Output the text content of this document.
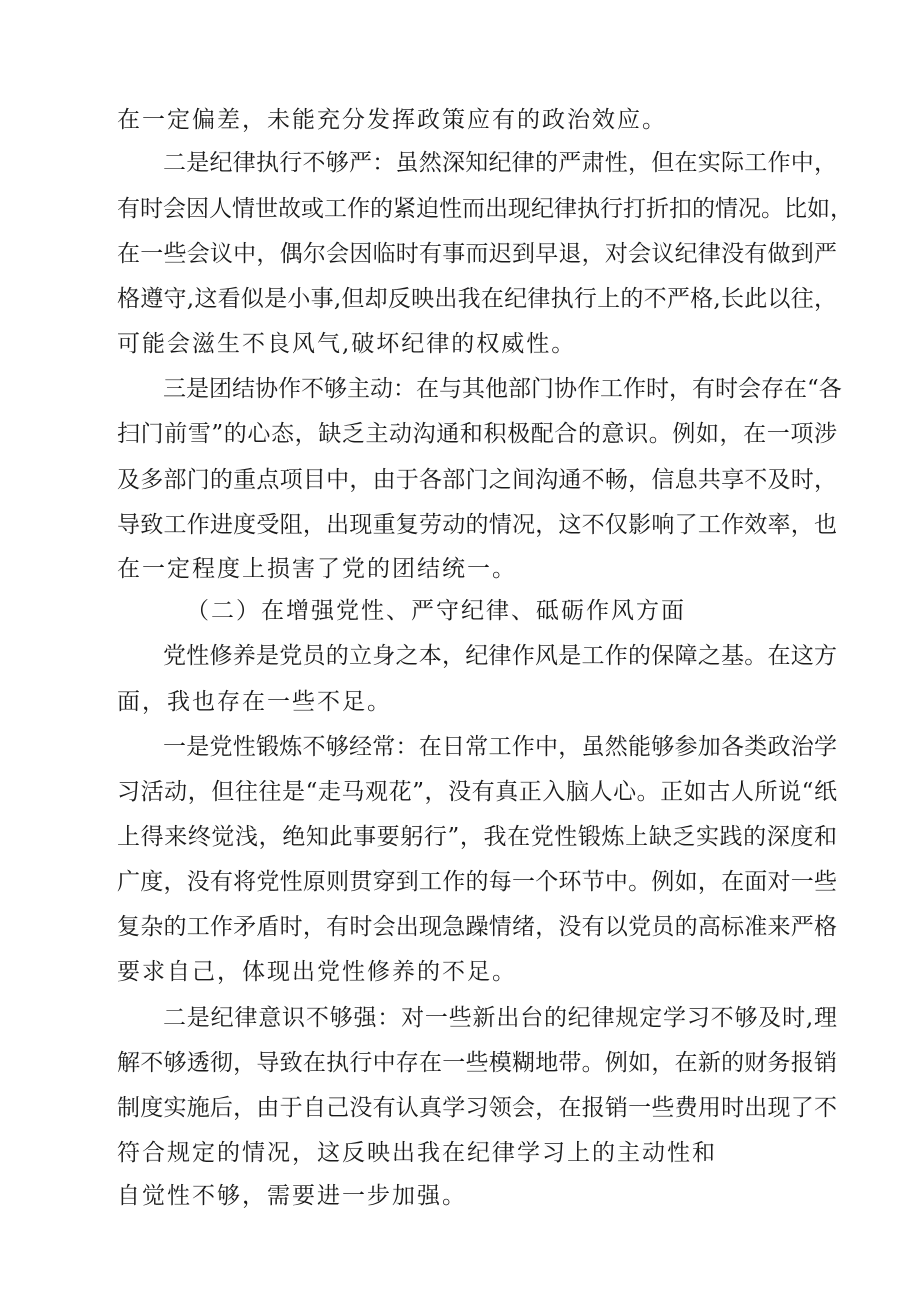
在一定偏差，未能充分发挥政策应有的政治效应。
二是纪律执行不够严：虽然深知纪律的严肃性，但在实际工作中，
有时会因人情世故或工作的紧迫性而出现纪律执行打折扣的情况。比如，
在一些会议中，偶尔会因临时有事而迟到早退，对会议纪律没有做到严
格遵守,这看似是小事,但却反映出我在纪律执行上的不严格,长此以往，
可能会滋生不良风气,破坏纪律的权威性。
三是团结协作不够主动：在与其他部门协作工作时，有时会存在“各
扫门前雪”的心态，缺乏主动沟通和积极配合的意识。例如，在一项涉
及多部门的重点项目中，由于各部门之间沟通不畅，信息共享不及时，
导致工作进度受阻，出现重复劳动的情况，这不仅影响了工作效率，也
在一定程度上损害了党的团结统一。
（二）在增强党性、严守纪律、砥砺作风方面
党性修养是党员的立身之本，纪律作风是工作的保障之基。在这方
面，我也存在一些不足。
一是党性锻炼不够经常：在日常工作中，虽然能够参加各类政治学
习活动，但往往是“走马观花”，没有真正入脑人心。正如古人所说“纸
上得来终觉浅，绝知此事要躬行”，我在党性锻炼上缺乏实践的深度和
广度，没有将党性原则贯穿到工作的每一个环节中。例如，在面对一些
复杂的工作矛盾时，有时会出现急躁情绪，没有以党员的高标准来严格
要求自己，体现出党性修养的不足。
二是纪律意识不够强：对一些新出台的纪律规定学习不够及时,理
解不够透彻，导致在执行中存在一些模糊地带。例如，在新的财务报销
制度实施后，由于自己没有认真学习领会，在报销一些费用时出现了不
符合规定的情况，这反映出我在纪律学习上的主动性和
自觉性不够，需要进一步加强。
